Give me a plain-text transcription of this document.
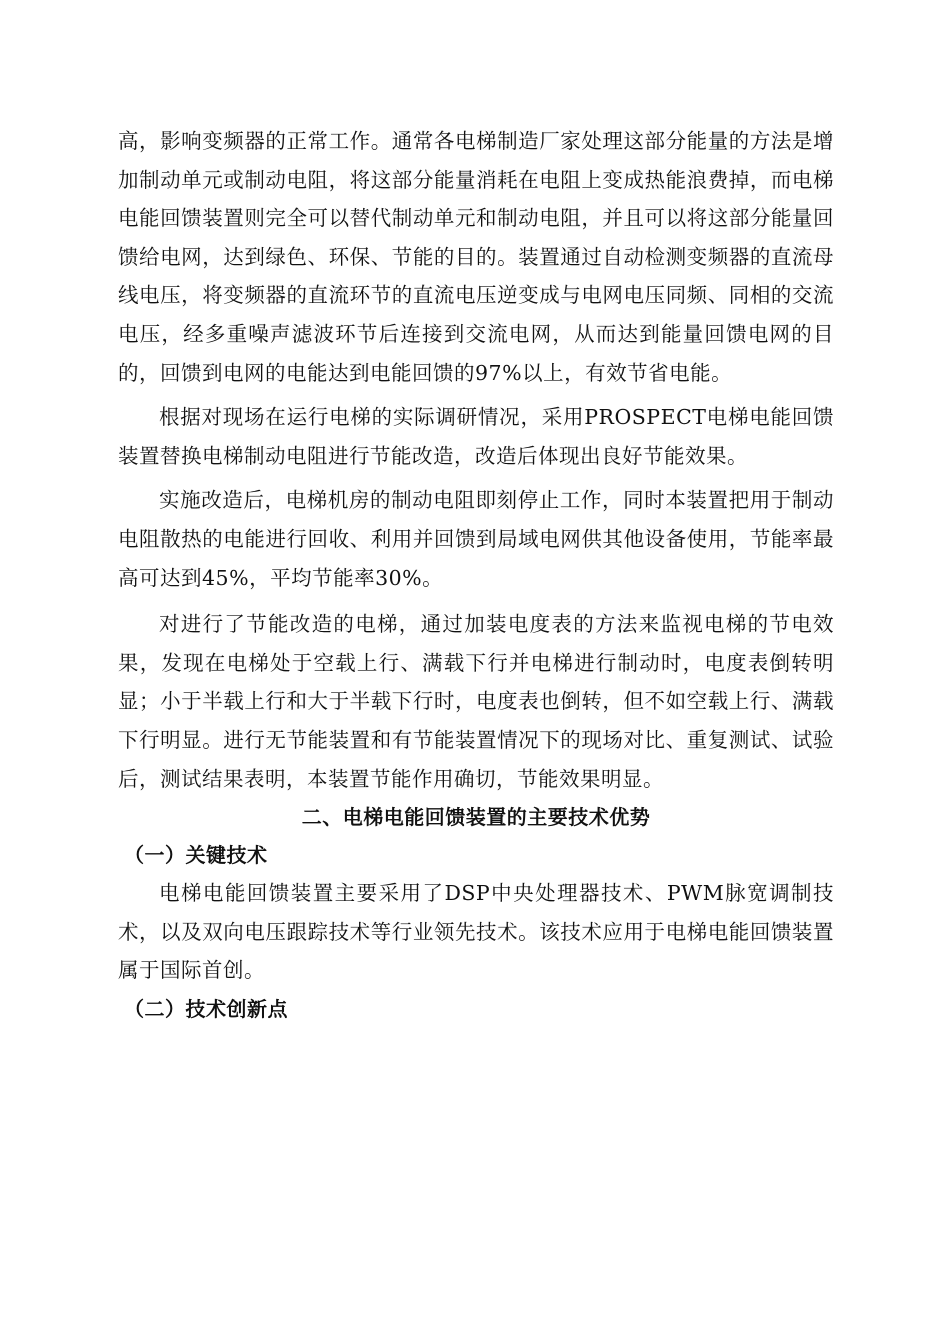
高，影响变频器的正常工作。通常各电梯制造厂家处理这部分能量的方法是增加制动单元或制动电阻，将这部分能量消耗在电阻上变成热能浪费掉，而电梯电能回馈装置则完全可以替代制动单元和制动电阻，并且可以将这部分能量回馈给电网，达到绿色、环保、节能的目的。装置通过自动检测变频器的直流母线电压，将变频器的直流环节的直流电压逆变成与电网电压同频、同相的交流电压，经多重噪声滤波环节后连接到交流电网，从而达到能量回馈电网的目的，回馈到电网的电能达到电能回馈的97%以上，有效节省电能。

根据对现场在运行电梯的实际调研情况，采用PROSPECT电梯电能回馈装置替换电梯制动电阻进行节能改造，改造后体现出良好节能效果。

实施改造后，电梯机房的制动电阻即刻停止工作，同时本装置把用于制动电阻散热的电能进行回收、利用并回馈到局域电网供其他设备使用，节能率最高可达到45%，平均节能率30%。

对进行了节能改造的电梯，通过加装电度表的方法来监视电梯的节电效果，发现在电梯处于空载上行、满载下行并电梯进行制动时，电度表倒转明显；小于半载上行和大于半载下行时，电度表也倒转，但不如空载上行、满载下行明显。进行无节能装置和有节能装置情况下的现场对比、重复测试、试验后，测试结果表明，本装置节能作用确切，节能效果明显。

二、电梯电能回馈装置的主要技术优势

（一）关键技术

电梯电能回馈装置主要采用了DSP中央处理器技术、PWM脉宽调制技术，以及双向电压跟踪技术等行业领先技术。该技术应用于电梯电能回馈装置属于国际首创。

（二）技术创新点
